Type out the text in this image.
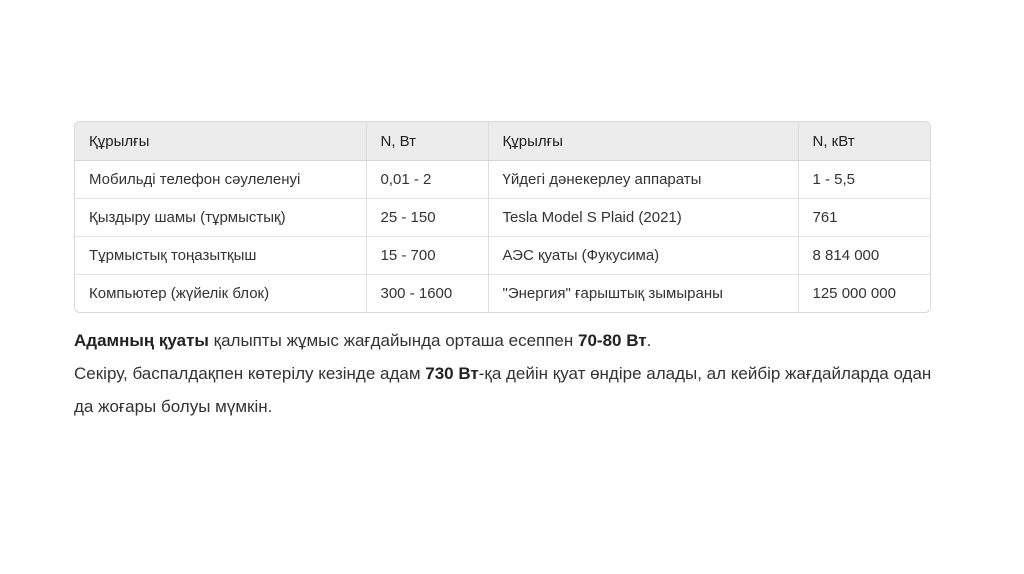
Құрылғы	N, Вт	Құрылғы	N, кВт
Мобильді телефон сәулеленуі	0,01 - 2	Үйдегі дәнекерлеу аппараты	1 - 5,5
Қыздыру шамы (тұрмыстық)	25 - 150	Tesla Model S Plaid (2021)	761
Тұрмыстық тоңазытқыш	15 - 700	АЭС қуаты (Фукусима)	8 814 000
Компьютер (жүйелік блок)	300 - 1600	"Энергия" ғарыштық зымыраны	125 000 000

Адамның қуаты қалыпты жұмыс жағдайында орташа есеппен 70-80 Вт.

Секіру, баспалдақпен көтерілу кезінде адам 730 Вт-қа дейін қуат өндіре алады, ал кейбір жағдайларда одан да жоғары болуы мүмкін.
